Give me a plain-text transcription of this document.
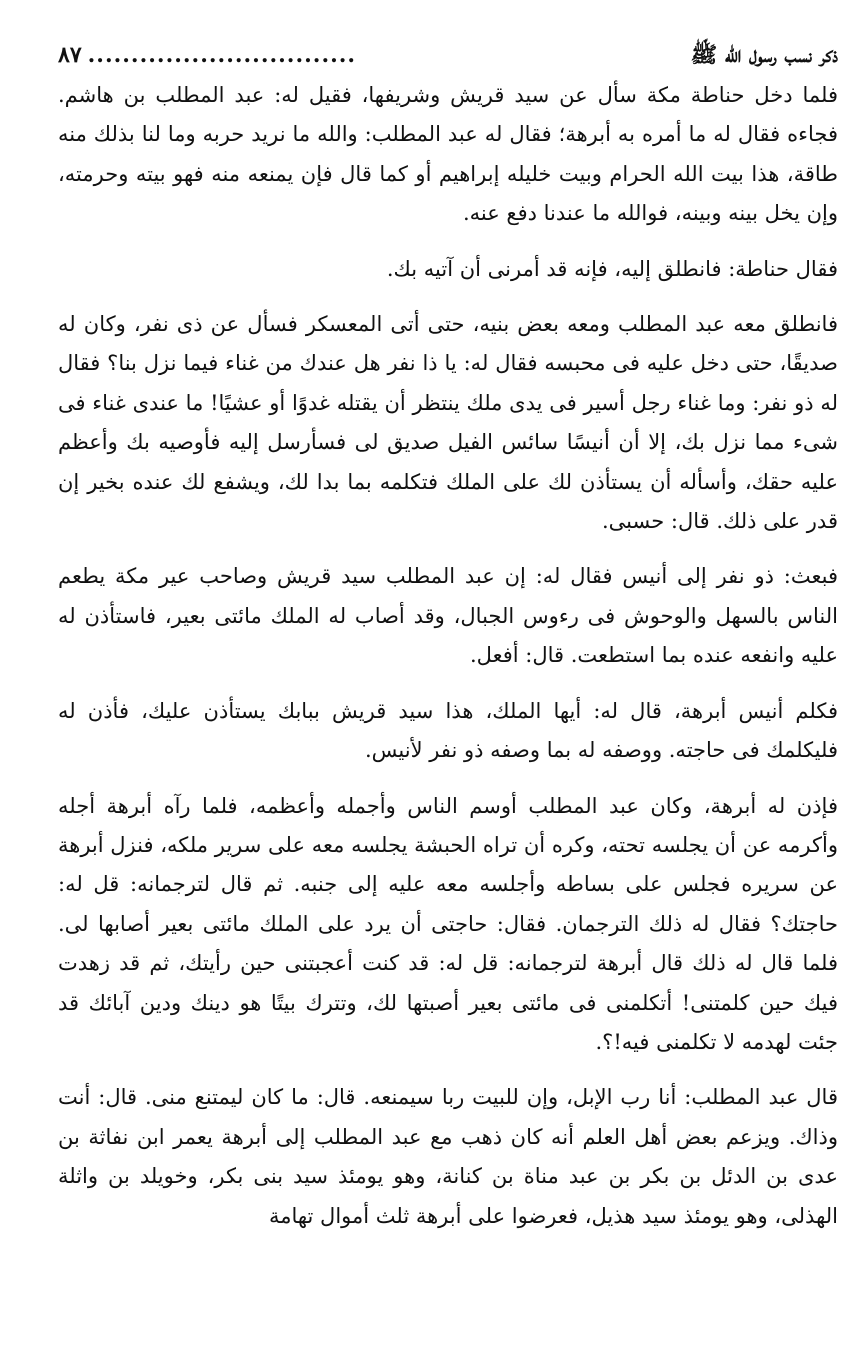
ذكر نسب رسول الله ﷺ
...............................
٨٧

فلما دخل حناطة مكة سأل عن سيد قريش وشريفها، فقيل له: عبد المطلب بن هاشم. فجاءه فقال له ما أمره به أبرهة؛ فقال له عبد المطلب: والله ما نريد حربه وما لنا بذلك منه طاقة، هذا بيت الله الحرام وبيت خليله إبراهيم أو كما قال فإن يمنعه منه فهو بيته وحرمته، وإن يخل بينه وبينه، فوالله ما عندنا دفع عنه.

فقال حناطة: فانطلق إليه، فإنه قد أمرنى أن آتيه بك.

فانطلق معه عبد المطلب ومعه بعض بنيه، حتى أتى المعسكر فسأل عن ذى نفر، وكان له صديقًا، حتى دخل عليه فى محبسه فقال له: يا ذا نفر هل عندك من غناء فيما نزل بنا؟ فقال له ذو نفر: وما غناء رجل أسير فى يدى ملك ينتظر أن يقتله غدوًا أو عشيًا! ما عندى غناء فى شىء مما نزل بك، إلا أن أنيسًا سائس الفيل صديق لى فسأرسل إليه فأوصيه بك وأعظم عليه حقك، وأسأله أن يستأذن لك على الملك فتكلمه بما بدا لك، ويشفع لك عنده بخير إن قدر على ذلك. قال: حسبى.

فبعث: ذو نفر إلى أنيس فقال له: إن عبد المطلب سيد قريش وصاحب عير مكة يطعم الناس بالسهل والوحوش فى رءوس الجبال، وقد أصاب له الملك مائتى بعير، فاستأذن له عليه وانفعه عنده بما استطعت. قال: أفعل.

فكلم أنيس أبرهة، قال له: أيها الملك، هذا سيد قريش ببابك يستأذن عليك، فأذن له فليكلمك فى حاجته. ووصفه له بما وصفه ذو نفر لأنيس.

فإذن له أبرهة، وكان عبد المطلب أوسم الناس وأجمله وأعظمه، فلما رآه أبرهة أجله وأكرمه عن أن يجلسه تحته، وكره أن تراه الحبشة يجلسه معه على سرير ملكه، فنزل أبرهة عن سريره فجلس على بساطه وأجلسه معه عليه إلى جنبه. ثم قال لترجمانه: قل له: حاجتك؟ فقال له ذلك الترجمان. فقال: حاجتى أن يرد على الملك مائتى بعير أصابها لى. فلما قال له ذلك قال أبرهة لترجمانه: قل له: قد كنت أعجبتنى حين رأيتك، ثم قد زهدت فيك حين كلمتنى! أتكلمنى فى مائتى بعير أصبتها لك، وتترك بيتًا هو دينك ودين آبائك قد جئت لهدمه لا تكلمنى فيه!؟.

قال عبد المطلب: أنا رب الإبل، وإن للبيت ربا سيمنعه. قال: ما كان ليمتنع منى. قال: أنت وذاك. ويزعم بعض أهل العلم أنه كان ذهب مع عبد المطلب إلى أبرهة يعمر ابن نفاثة بن عدى بن الدئل بن بكر بن عبد مناة بن كنانة، وهو يومئذ سيد بنى بكر، وخويلد بن واثلة الهذلى، وهو يومئذ سيد هذيل، فعرضوا على أبرهة ثلث أموال تهامة
